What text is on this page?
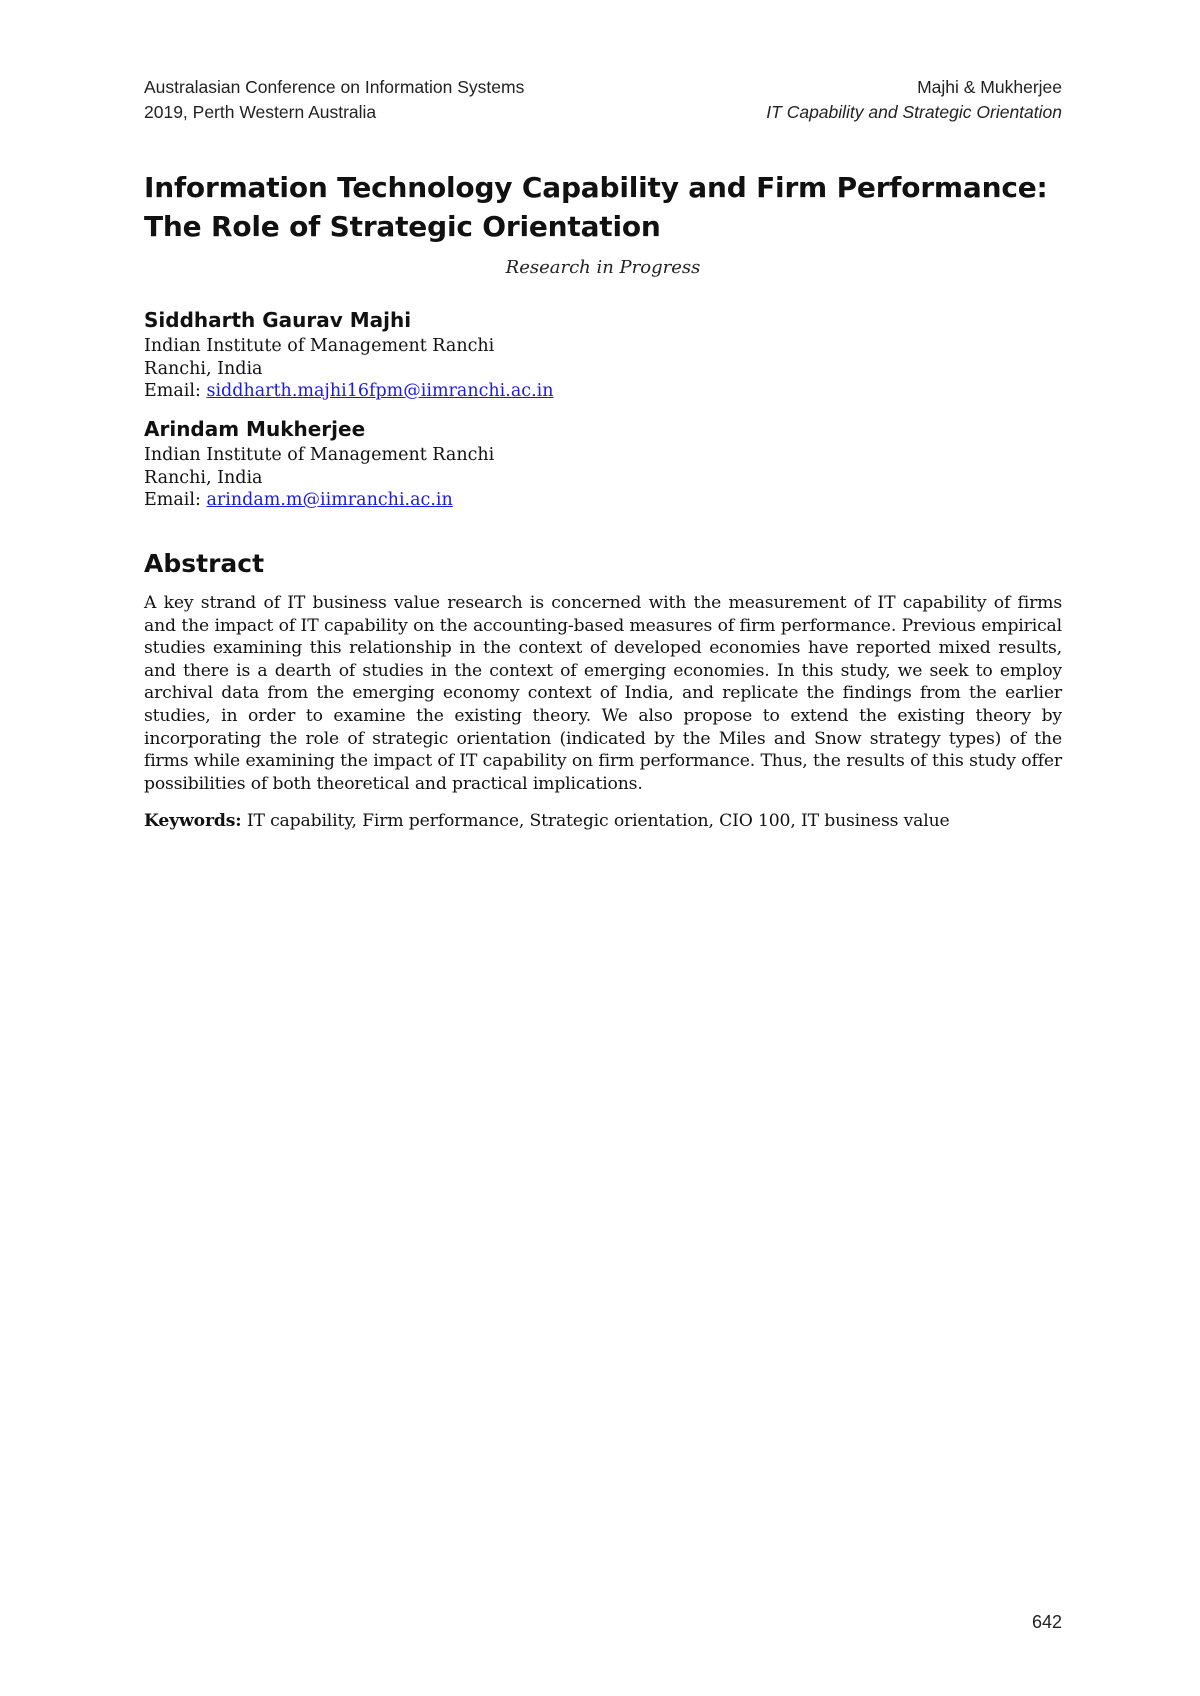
Australasian Conference on Information Systems
2019, Perth Western Australia
Majhi & Mukherjee
IT Capability and Strategic Orientation
Information Technology Capability and Firm Performance:
The Role of Strategic Orientation
Research in Progress
Siddharth Gaurav Majhi
Indian Institute of Management Ranchi
Ranchi, India
Email: siddharth.majhi16fpm@iimranchi.ac.in
Arindam Mukherjee
Indian Institute of Management Ranchi
Ranchi, India
Email: arindam.m@iimranchi.ac.in
Abstract
A key strand of IT business value research is concerned with the measurement of IT capability of firms and the impact of IT capability on the accounting-based measures of firm performance. Previous empirical studies examining this relationship in the context of developed economies have reported mixed results, and there is a dearth of studies in the context of emerging economies. In this study, we seek to employ archival data from the emerging economy context of India, and replicate the findings from the earlier studies, in order to examine the existing theory. We also propose to extend the existing theory by incorporating the role of strategic orientation (indicated by the Miles and Snow strategy types) of the firms while examining the impact of IT capability on firm performance. Thus, the results of this study offer possibilities of both theoretical and practical implications.
Keywords: IT capability, Firm performance, Strategic orientation, CIO 100, IT business value
642
